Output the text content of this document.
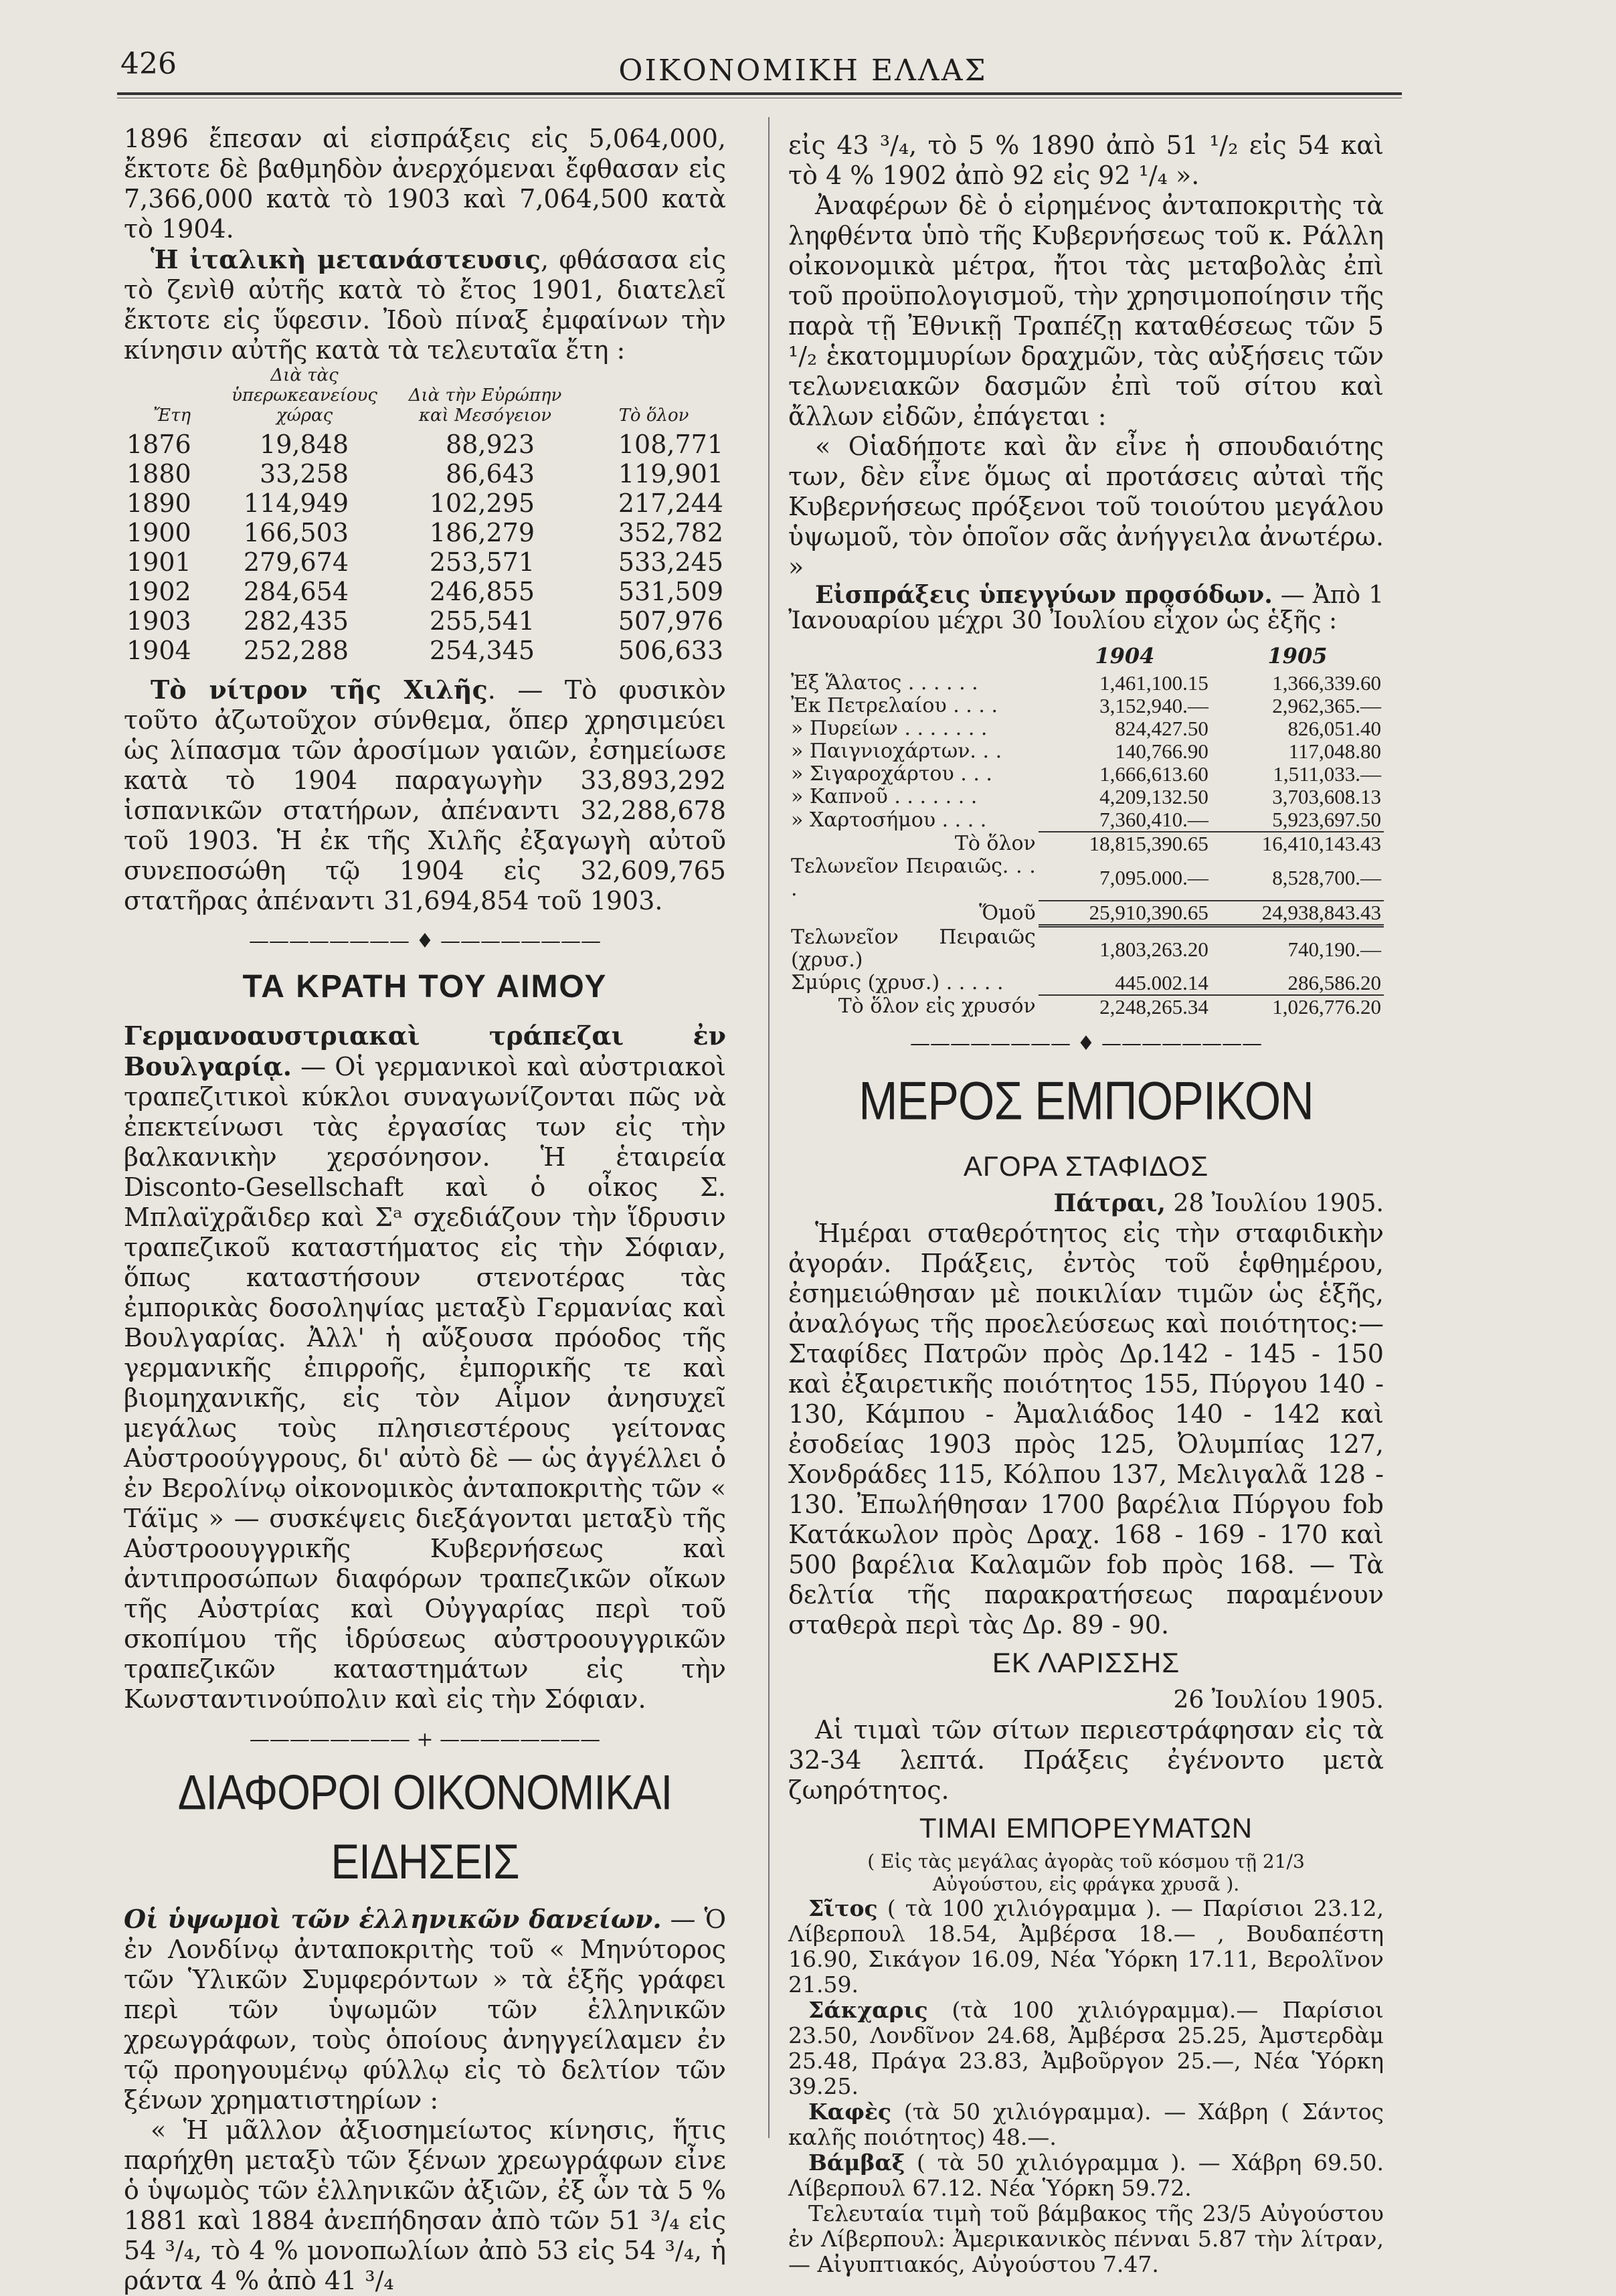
426	ΟΙΚΟΝΟΜΙΚΗ ΕΛΛΑΣ

1896 ἔπεσαν αἱ εἰσπράξεις εἰς 5,064,000, ἔκτοτε δὲ βαθμηδὸν ἀνερχόμεναι ἔφθασαν εἰς 7,366,000 κατὰ τὸ 1903 καὶ 7,064,500 κατὰ τὸ 1904.

Ἡ ἰταλικὴ μετανάστευσις, φθάσασα εἰς τὸ ζενὶθ αὐτῆς κατὰ τὸ ἔτος 1901, διατελεῖ ἔκτοτε εἰς ὕφεσιν. Ἰδοὺ πίναξ ἐμφαίνων τὴν κίνησιν αὐτῆς κατὰ τὰ τελευταῖα ἔτη :

Ἔτη	Διὰ τὰς ὑπερωκεανείους χώρας	Διὰ τὴν Εὐρώπην καὶ Μεσόγειον	Τὸ ὅλον
1876	19,848	88,923	108,771
1880	33,258	86,643	119,901
1890	114,949	102,295	217,244
1900	166,503	186,279	352,782
1901	279,674	253,571	533,245
1902	284,654	246,855	531,509
1903	282,435	255,541	507,976
1904	252,288	254,345	506,633

Τὸ νίτρον τῆς Χιλῆς. — Τὸ φυσικὸν τοῦτο ἀζωτοῦχον σύνθεμα, ὅπερ χρησιμεύει ὡς λίπασμα τῶν ἀροσίμων γαιῶν, ἐσημείωσε κατὰ τὸ 1904 παραγωγὴν 33,893,292 ἱσπανικῶν στατήρων, ἀπέναντι 32,288,678 τοῦ 1903. Ἡ ἐκ τῆς Χιλῆς ἐξαγωγὴ αὐτοῦ συνεποσώθη τῷ 1904 εἰς 32,609,765 στατῆρας ἀπέναντι 31,694,854 τοῦ 1903.

———————— ♦ ————————
ΤΑ ΚΡΑΤΗ ΤΟΥ ΑΙΜΟΥ

Γερμανοαυστριακαὶ τράπεζαι ἐν Βουλγαρίᾳ. — Οἱ γερμανικοὶ καὶ αὐστριακοὶ τραπεζιτικοὶ κύκλοι συναγωνίζονται πῶς νὰ ἐπεκτείνωσι τὰς ἐργασίας των εἰς τὴν βαλκανικὴν χερσόνησον. Ἡ ἑταιρεία Disconto-Gesellschaft καὶ ὁ οἶκος Σ. Μπλαϊχρᾶιδερ καὶ Σᵃ σχεδιάζουν τὴν ἵδρυσιν τραπεζικοῦ καταστήματος εἰς τὴν Σόφιαν, ὅπως καταστήσουν στενοτέρας τὰς ἐμπορικὰς δοσοληψίας μεταξὺ Γερμανίας καὶ Βουλγαρίας. Ἀλλ' ἡ αὔξουσα πρόοδος τῆς γερμανικῆς ἐπιρροῆς, ἐμπορικῆς τε καὶ βιομηχανικῆς, εἰς τὸν Αἷμον ἀνησυχεῖ μεγάλως τοὺς πλησιεστέρους γείτονας Αὐστροούγγρους, δι' αὐτὸ δὲ — ὡς ἀγγέλλει ὁ ἐν Βερολίνῳ οἰκονομικὸς ἀνταποκριτὴς τῶν « Τάϊμς » — συσκέψεις διεξάγονται μεταξὺ τῆς Αὐστροουγγρικῆς Κυβερνήσεως καὶ ἀντιπροσώπων διαφόρων τραπεζικῶν οἴκων τῆς Αὐστρίας καὶ Οὐγγαρίας περὶ τοῦ σκοπίμου τῆς ἱδρύσεως αὐστροουγγρικῶν τραπεζικῶν καταστημάτων εἰς τὴν Κωνσταντινούπολιν καὶ εἰς τὴν Σόφιαν.

———————— + ————————
ΔΙΑΦΟΡΟΙ ΟΙΚΟΝΟΜΙΚΑΙ ΕΙΔΗΣΕΙΣ

Οἱ ὑψωμοὶ τῶν ἑλληνικῶν δανείων. — Ὁ ἐν Λονδίνῳ ἀνταποκριτὴς τοῦ « Μηνύτορος τῶν Ὑλικῶν Συμφερόντων » τὰ ἑξῆς γράφει περὶ τῶν ὑψωμῶν τῶν ἑλληνικῶν χρεωγράφων, τοὺς ὁποίους ἀνηγγείλαμεν ἐν τῷ προηγουμένῳ φύλλῳ εἰς τὸ δελτίον τῶν ξένων χρηματιστηρίων :

« Ἡ μᾶλλον ἀξιοσημείωτος κίνησις, ἥτις παρήχθη μεταξὺ τῶν ξένων χρεωγράφων εἶνε ὁ ὑψωμὸς τῶν ἑλληνικῶν ἀξιῶν, ἐξ ὧν τὰ 5 % 1881 καὶ 1884 ἀνεπήδησαν ἀπὸ τῶν 51 ³/₄ εἰς 54 ³/₄, τὸ 4 % μονοπωλίων ἀπὸ 53 εἰς 54 ³/₄, ἡ ράντα 4 % ἀπὸ 41 ³/₄

εἰς 43 ³/₄, τὸ 5 % 1890 ἀπὸ 51 ¹/₂ εἰς 54 καὶ τὸ 4 % 1902 ἀπὸ 92 εἰς 92 ¹/₄ ».

Ἀναφέρων δὲ ὁ εἰρημένος ἀνταποκριτὴς τὰ ληφθέντα ὑπὸ τῆς Κυβερνήσεως τοῦ κ. Ράλλη οἰκονομικὰ μέτρα, ἤτοι τὰς μεταβολὰς ἐπὶ τοῦ προϋπολογισμοῦ, τὴν χρησιμοποίησιν τῆς παρὰ τῇ Ἐθνικῇ Τραπέζῃ καταθέσεως τῶν 5 ¹/₂ ἑκατομμυρίων δραχμῶν, τὰς αὐξήσεις τῶν τελωνειακῶν δασμῶν ἐπὶ τοῦ σίτου καὶ ἄλλων εἰδῶν, ἐπάγεται :

« Οἱαδήποτε καὶ ἂν εἶνε ἡ σπουδαιότης των, δὲν εἶνε ὅμως αἱ προτάσεις αὐταὶ τῆς Κυβερνήσεως πρόξενοι τοῦ τοιούτου μεγάλου ὑψωμοῦ, τὸν ὁποῖον σᾶς ἀνήγγειλα ἀνωτέρω. »

Εἰσπράξεις ὑπεγγύων προσόδων. — Ἀπὸ 1 Ἰανουαρίου μέχρι 30 Ἰουλίου εἶχον ὡς ἑξῆς :

	1904	1905
Ἐξ Ἅλατος . . . . . .	1,461,100.15	1,366,339.60
Ἐκ Πετρελαίου . . . .	3,152,940.—	2,962,365.—
» Πυρείων . . . . . . .	824,427.50	826,051.40
» Παιγνιοχάρτων. . .	140,766.90	117,048.80
» Σιγαροχάρτου . . .	1,666,613.60	1,511,033.—
» Καπνοῦ . . . . . . .	4,209,132.50	3,703,608.13
» Χαρτοσήμου . . . .	7,360,410.—	5,923,697.50
Τὸ ὅλον	18,815,390.65	16,410,143.43
Τελωνεῖον Πειραιῶς. . . .	7,095.000.—	8,528,700.—
Ὅμοῦ	25,910,390.65	24,938,843.43
Τελωνεῖον Πειραιῶς (χρυσ.)	1,803,263.20	740,190.—
Σμύρις (χρυσ.) . . . . .	445.002.14	286,586.20
Τὸ ὅλον εἰς χρυσόν	2,248,265.34	1,026,776.20
———————— ♦ ————————
ΜΕΡΟΣ ΕΜΠΟΡΙΚΟΝ
ΑΓΟΡΑ ΣΤΑΦΙΔΟΣ
Πάτραι, 28 Ἰουλίου 1905.

Ἡμέραι σταθερότητος εἰς τὴν σταφιδικὴν ἀγοράν. Πράξεις, ἐντὸς τοῦ ἑφθημέρου, ἐσημειώθησαν μὲ ποικιλίαν τιμῶν ὡς ἑξῆς, ἀναλόγως τῆς προελεύσεως καὶ ποιότητος:— Σταφίδες Πατρῶν πρὸς Δρ.142 - 145 - 150 καὶ ἐξαιρετικῆς ποιότητος 155, Πύργου 140 - 130, Κάμπου - Ἀμαλιάδος 140 - 142 καὶ ἐσοδείας 1903 πρὸς 125, Ὀλυμπίας 127, Χονδράδες 115, Κόλπου 137, Μελιγαλᾶ 128 - 130. Ἐπωλήθησαν 1700 βαρέλια Πύργου fob Κατάκωλον πρὸς Δραχ. 168 - 169 - 170 καὶ 500 βαρέλια Καλαμῶν fob πρὸς 168. — Τὰ δελτία τῆς παρακρατήσεως παραμένουν σταθερὰ περὶ τὰς Δρ. 89 - 90.

ΕΚ ΛΑΡΙΣΣΗΣ
26 Ἰουλίου 1905.

Αἱ τιμαὶ τῶν σίτων περιεστράφησαν εἰς τὰ 32-34 λεπτά. Πράξεις ἐγένοντο μετὰ ζωηρότητος.

ΤΙΜΑΙ ΕΜΠΟΡΕΥΜΑΤΩΝ
( Εἰς τὰς μεγάλας ἀγορὰς τοῦ κόσμου τῇ 21/3 Αὐγούστου, εἰς φράγκα χρυσᾶ ).

Σῖτος ( τὰ 100 χιλιόγραμμα ). — Παρίσιοι 23.12, Λίβερπουλ 18.54, Ἀμβέρσα 18.— , Βουδαπέστη 16.90, Σικάγον 16.09, Νέα Ὑόρκη 17.11, Βερολῖνον 21.59.

Σάκχαρις (τὰ 100 χιλιόγραμμα).— Παρίσιοι 23.50, Λονδῖνον 24.68, Ἀμβέρσα 25.25, Ἀμστερδὰμ 25.48, Πράγα 23.83, Ἀμβοῦργον 25.—, Νέα Ὑόρκη 39.25.

Καφὲς (τὰ 50 χιλιόγραμμα). — Χάβρη ( Σάντος καλῆς ποιότητος) 48.—.

Βάμβαξ ( τὰ 50 χιλιόγραμμα ). — Χάβρη 69.50. Λίβερπουλ 67.12. Νέα Ὑόρκη 59.72.

Τελευταία τιμὴ τοῦ βάμβακος τῆς 23/5 Αὐγούστου ἐν Λίβερπουλ: Ἀμερικανικὸς πένναι 5.87 τὴν λίτραν, — Αἰγυπτιακός, Αὐγούστου 7.47.
